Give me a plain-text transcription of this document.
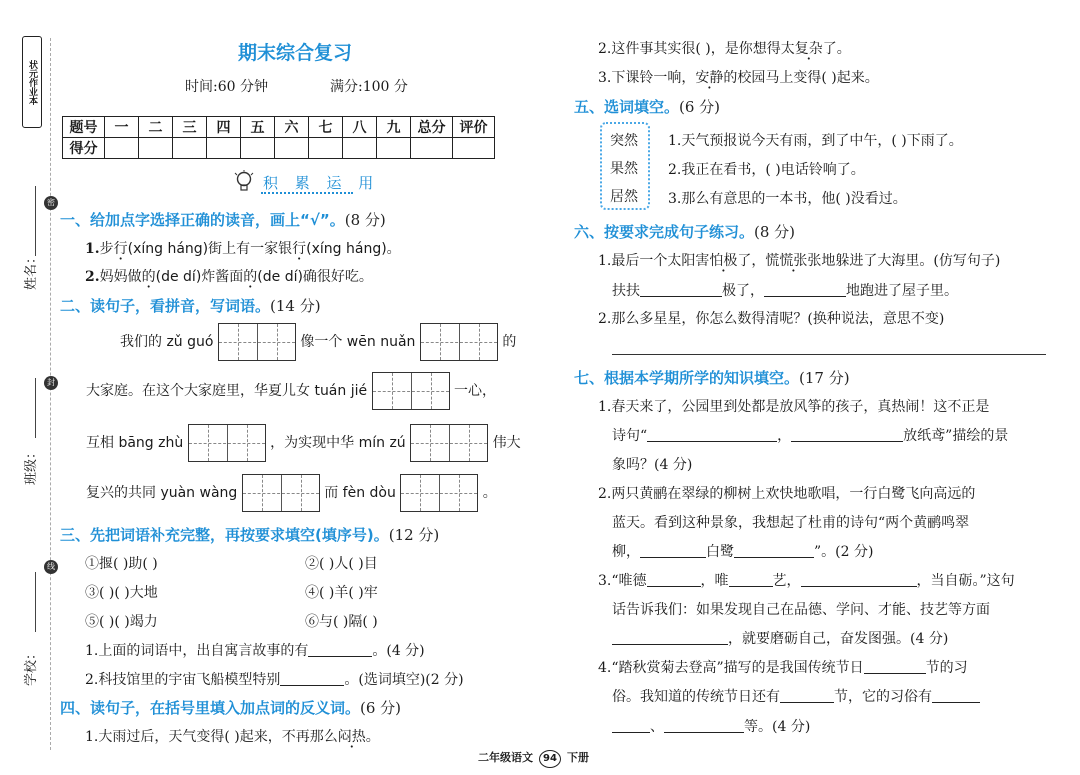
状元作业本
密
封
线
姓名：
班级：
学校：
期末综合复习
时间:60 分钟	满分:100 分
题号	一	二	三	四	五	六	七	八	九	总分	评价
得分											
积 累 运 用
一、给加点字选择正确的读音，画上“√”。(8 分)
1.步行(xíng háng)街上有一家银行(xíng háng)。
2.妈妈做的(de dí)炸酱面的(de dí)确很好吃。
二、读句子，看拼音，写词语。(14 分)
我们的 zǔ guó	像一个 wēn nuǎn	的
大家庭。在这个大家庭里，华夏儿女 tuán jié	一心，
互相 bāng zhù	，为实现中华 mín zú	伟大
复兴的共同 yuàn wàng	而 fèn dòu	。
三、先把词语补充完整，再按要求填空(填序号)。(12 分)
①揠( )助( )	②( )人( )目
③( )( )大地	④( )羊( )牢
⑤( )( )竭力	⑥与( )隔( )
1.上面的词语中，出自寓言故事的有	。(4 分)
2.科技馆里的宇宙飞船模型特别	。(选词填空)(2 分)
四、读句子，在括号里填入加点词的反义词。(6 分)
1.大雨过后，天气变得( )起来，不再那么闷热。
2.这件事其实很( )，是你想得太复杂了。
3.下课铃一响，安静的校园马上变得( )起来。
五、选词填空。(6 分)
突然
果然
居然
1.天气预报说今天有雨，到了中午，( )下雨了。
2.我正在看书，( )电话铃响了。
3.那么有意思的一本书，他( )没看过。
六、按要求完成句子练习。(8 分)
1.最后一个太阳害怕极了，慌慌张张地躲进了大海里。(仿写句子)
扶扶	极了，	地跑进了屋子里。
2.那么多星星，你怎么数得清呢？(换种说法，意思不变)
七、根据本学期所学的知识填空。(17 分)
1.春天来了，公园里到处都是放风筝的孩子，真热闹！这不正是
诗句“	，	放纸鸢”描绘的景
象吗？(4 分)
2.两只黄鹂在翠绿的柳树上欢快地歌唱，一行白鹭飞向高远的
蓝天。看到这种景象，我想起了杜甫的诗句“两个黄鹂鸣翠
柳，	白鹭	”。(2 分)
3.“唯德	，唯	艺，	，当自砺。”这句
话告诉我们：如果发现自己在品德、学问、才能、技艺等方面
，就要磨砺自己，奋发图强。(4 分)
4.“踏秋赏菊去登高”描写的是我国传统节日	节的习
俗。我知道的传统节日还有	节，它的习俗有
、	等。(4 分)
二年级语文 94 下册
